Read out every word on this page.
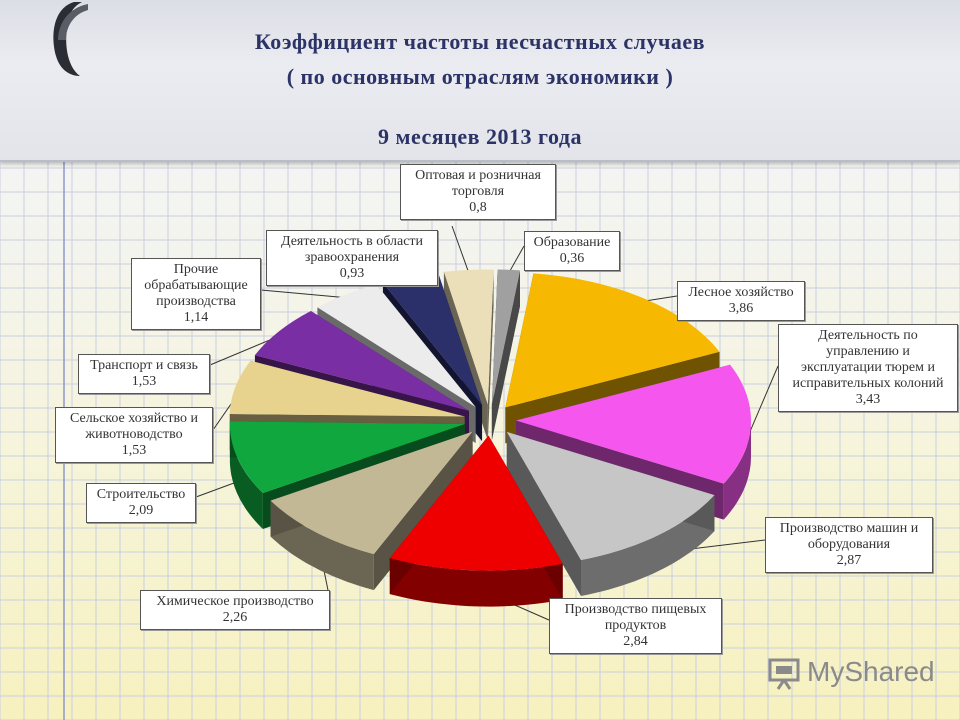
Коэффициент частоты несчастных случаев
( по основным отраслям экономики )
9 месяцев 2013 года
Лесное хозяйство
3,86
Деятельность по
управлению и
эксплуатации тюрем и
исправительных колоний
3,43
Производство машин и
оборудования
2,87
Производство пищевых
продуктов
2,84
Химическое производство
2,26
Строительство
2,09
Сельское хозяйство и
животноводство
1,53
Транспорт и связь
1,53
Прочие
обрабатывающие
производства
1,14
Деятельность в области
зравоохранения
0,93
Оптовая и розничная
торговля
0,8
Образование
0,36
MyShared
